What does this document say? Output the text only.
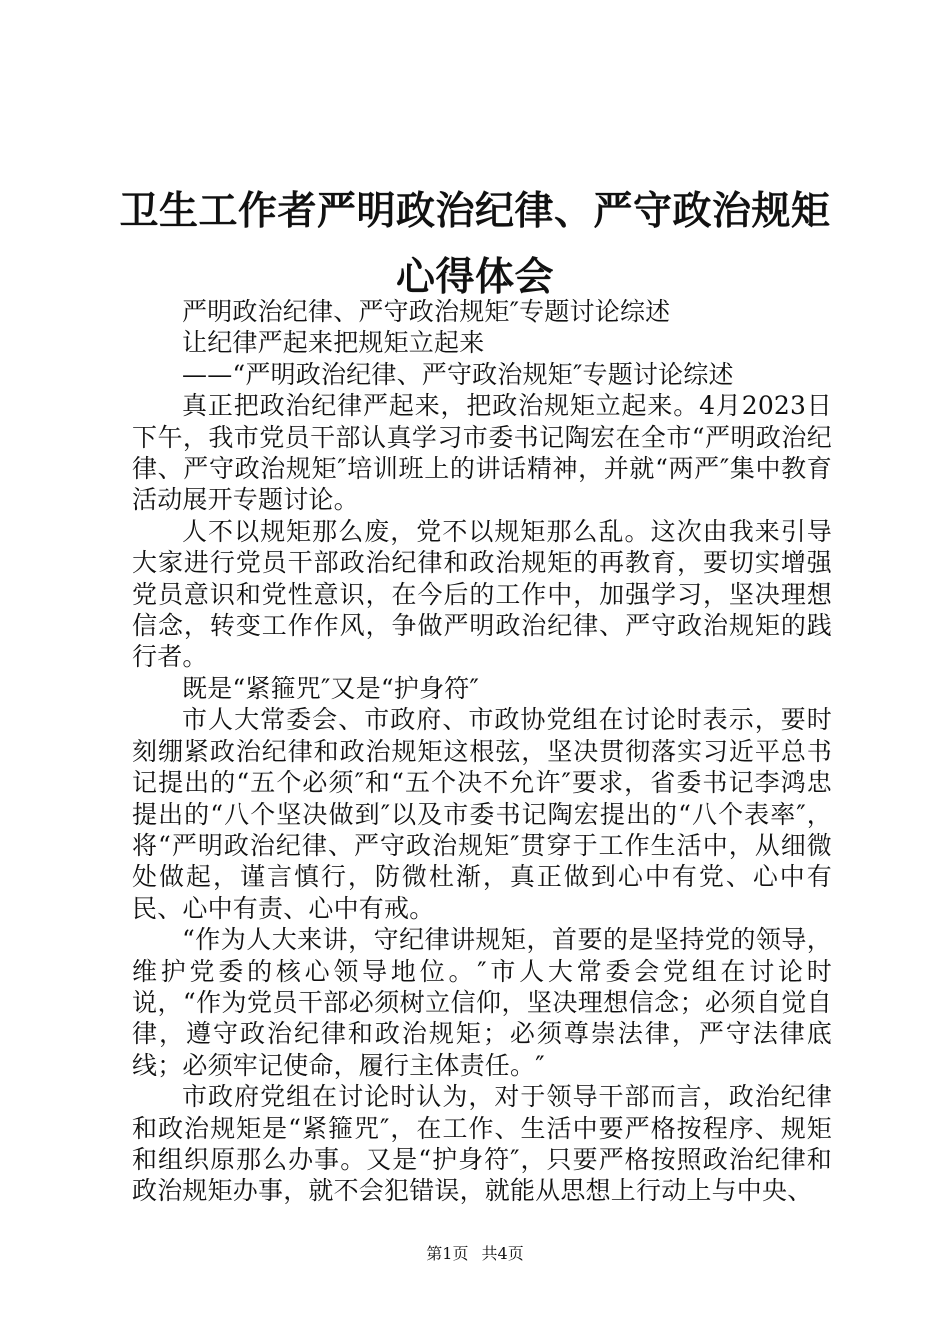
卫生工作者严明政治纪律、严守政治规矩心得体会

严明政治纪律、严守政治规矩″专题讨论综述

让纪律严起来把规矩立起来

——“严明政治纪律、严守政治规矩″专题讨论综述

真正把政治纪律严起来，把政治规矩立起来。4月2023日下午，我市党员干部认真学习市委书记陶宏在全市“严明政治纪律、严守政治规矩″培训班上的讲话精神，并就“两严″集中教育活动展开专题讨论。

人不以规矩那么废，党不以规矩那么乱。这次由我来引导大家进行党员干部政治纪律和政治规矩的再教育，要切实增强党员意识和党性意识，在今后的工作中，加强学习，坚决理想信念，转变工作作风，争做严明政治纪律、严守政治规矩的践行者。

既是“紧箍咒″又是“护身符″

市人大常委会、市政府、市政协党组在讨论时表示，要时刻绷紧政治纪律和政治规矩这根弦，坚决贯彻落实习近平总书记提出的“五个必须″和“五个决不允许″要求，省委书记李鸿忠提出的“八个坚决做到″以及市委书记陶宏提出的“八个表率″，将“严明政治纪律、严守政治规矩″贯穿于工作生活中，从细微处做起，谨言慎行，防微杜渐，真正做到心中有党、心中有民、心中有责、心中有戒。

“作为人大来讲，守纪律讲规矩，首要的是坚持党的领导，维护党委的核心领导地位。″市人大常委会党组在讨论时说，“作为党员干部必须树立信仰，坚决理想信念；必须自觉自律，遵守政治纪律和政治规矩；必须尊崇法律，严守法律底线；必须牢记使命，履行主体责任。″

市政府党组在讨论时认为，对于领导干部而言，政治纪律和政治规矩是“紧箍咒″，在工作、生活中要严格按程序、规矩和组织原那么办事。又是“护身符″，只要严格按照政治纪律和政治规矩办事，就不会犯错误，就能从思想上行动上与中央、

第1页 共4页
